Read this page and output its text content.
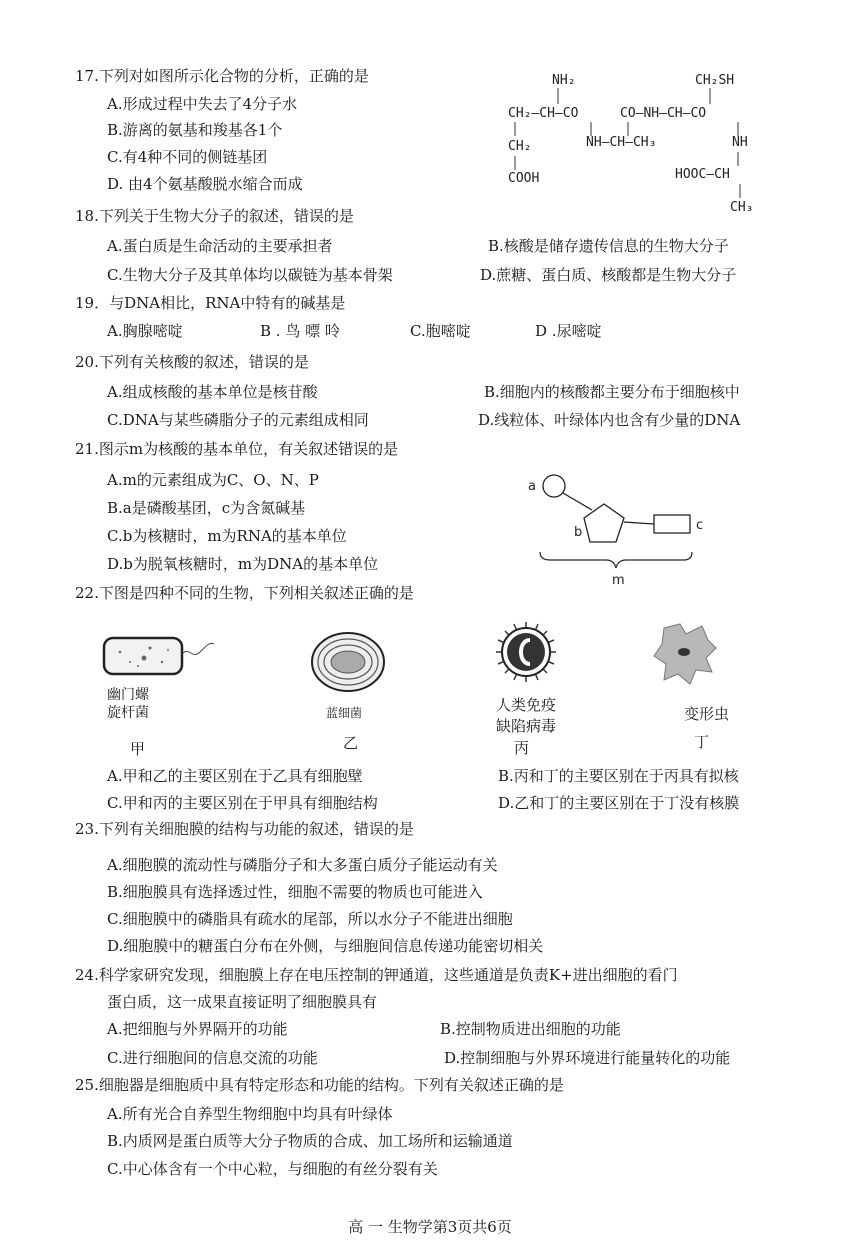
17.下列对如图所示化合物的分析，正确的是
A.形成过程中失去了4分子水
B.游离的氨基和羧基各1个
C.有4种不同的侧链基团
D. 由4个氨基酸脱水缩合而成
NH₂	CH₂SH
CH₂—CH—CO	CO—NH—CH—CO
CH₂	NH—CH—CH₃	NH
COOH	HOOC—CH
CH₃
18.下列关于生物大分子的叙述，错误的是
A.蛋白质是生命活动的主要承担者	B.核酸是储存遗传信息的生物大分子
C.生物大分子及其单体均以碳链为基本骨架	D.蔗糖、蛋白质、核酸都是生物大分子
19．与DNA相比，RNA中特有的碱基是
A.胸腺嘧啶	B . 鸟 嘌 呤	C.胞嘧啶	D .尿嘧啶
20.下列有关核酸的叙述，错误的是
A.组成核酸的基本单位是核苷酸	B.细胞内的核酸都主要分布于细胞核中
C.DNA与某些磷脂分子的元素组成相同	D.线粒体、叶绿体内也含有少量的DNA
21.图示m为核酸的基本单位，有关叙述错误的是
A.m的元素组成为C、O、N、P
B.a是磷酸基团，c为含氮碱基
C.b为核糖时，m为RNA的基本单位
D.b为脱氧核糖时，m为DNA的基本单位
a
b	c
m
22.下图是四种不同的生物，下列相关叙述正确的是
幽门螺
旋杆菌
甲
蓝细菌
乙
人类免疫
缺陷病毒
丙
变形虫
丁
A.甲和乙的主要区别在于乙具有细胞壁	B.丙和丁的主要区别在于丙具有拟核
C.甲和丙的主要区别在于甲具有细胞结构	D.乙和丁的主要区别在于丁没有核膜
23.下列有关细胞膜的结构与功能的叙述，错误的是
A.细胞膜的流动性与磷脂分子和大多蛋白质分子能运动有关
B.细胞膜具有选择透过性，细胞不需要的物质也可能进入
C.细胞膜中的磷脂具有疏水的尾部，所以水分子不能进出细胞
D.细胞膜中的糖蛋白分布在外侧，与细胞间信息传递功能密切相关
24.科学家研究发现，细胞膜上存在电压控制的钾通道，这些通道是负责K+进出细胞的看门
蛋白质，这一成果直接证明了细胞膜具有
A.把细胞与外界隔开的功能	B.控制物质进出细胞的功能
C.进行细胞间的信息交流的功能	D.控制细胞与外界环境进行能量转化的功能
25.细胞器是细胞质中具有特定形态和功能的结构。下列有关叙述正确的是
A.所有光合自养型生物细胞中均具有叶绿体
B.内质网是蛋白质等大分子物质的合成、加工场所和运输通道
C.中心体含有一个中心粒，与细胞的有丝分裂有关
高 一 生物学第3页共6页
